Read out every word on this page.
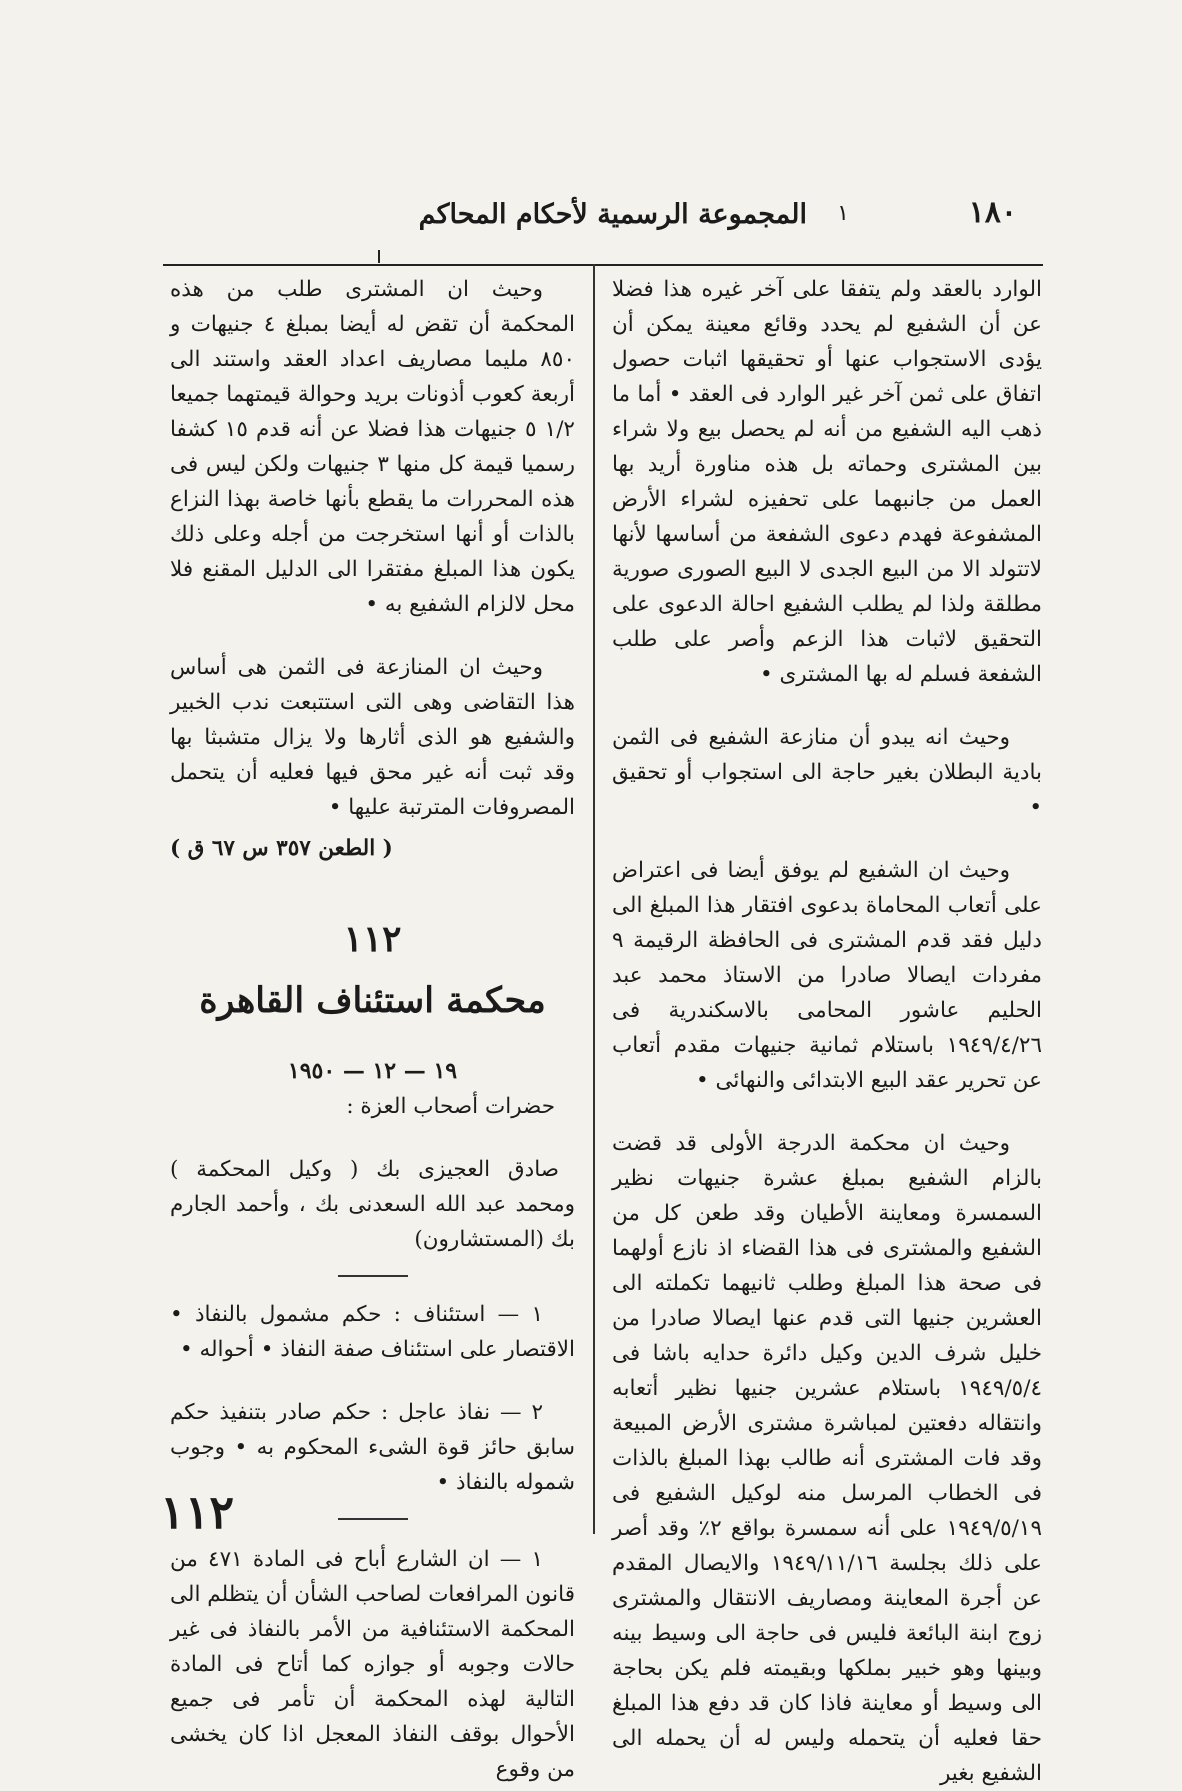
١٨٠
١
المجموعة الرسمية لأحكام المحاكم

الوارد بالعقد ولم يتفقا على آخر غيره هذا فضلا عن أن الشفيع لم يحدد وقائع معينة يمكن أن يؤدى الاستجواب عنها أو تحقيقها اثبات حصول اتفاق على ثمن آخر غير الوارد فى العقد • أما ما ذهب اليه الشفيع من أنه لم يحصل بيع ولا شراء بين المشترى وحماته بل هذه مناورة أريد بها العمل من جانبهما على تحفيزه لشراء الأرض المشفوعة فهدم دعوى الشفعة من أساسها لأنها لاتتولد الا من البيع الجدى لا البيع الصورى صورية مطلقة ولذا لم يطلب الشفيع احالة الدعوى على التحقيق لاثبات هذا الزعم وأصر على طلب الشفعة فسلم له بها المشترى •

وحيث انه يبدو أن منازعة الشفيع فى الثمن بادية البطلان بغير حاجة الى استجواب أو تحقيق •

وحيث ان الشفيع لم يوفق أيضا فى اعتراض على أتعاب المحاماة بدعوى افتقار هذا المبلغ الى دليل فقد قدم المشترى فى الحافظة الرقيمة ٩ مفردات ايصالا صادرا من الاستاذ محمد عبد الحليم عاشور المحامى بالاسكندرية فى ١٩٤٩/٤/٢٦ باستلام ثمانية جنيهات مقدم أتعاب عن تحرير عقد البيع الابتدائى والنهائى •

وحيث ان محكمة الدرجة الأولى قد قضت بالزام الشفيع بمبلغ عشرة جنيهات نظير السمسرة ومعاينة الأطيان وقد طعن كل من الشفيع والمشترى فى هذا القضاء اذ نازع أولهما فى صحة هذا المبلغ وطلب ثانيهما تكملته الى العشرين جنيها التى قدم عنها ايصالا صادرا من خليل شرف الدين وكيل دائرة حدايه باشا فى ١٩٤٩/٥/٤ باستلام عشرين جنيها نظير أتعابه وانتقاله دفعتين لمباشرة مشترى الأرض المبيعة وقد فات المشترى أنه طالب بهذا المبلغ بالذات فى الخطاب المرسل منه لوكيل الشفيع فى ١٩٤٩/٥/١٩ على أنه سمسرة بواقع ٢٪ وقد أصر على ذلك بجلسة ١٩٤٩/١١/١٦ والايصال المقدم عن أجرة المعاينة ومصاريف الانتقال والمشترى زوج ابنة البائعة فليس فى حاجة الى وسيط بينه وبينها وهو خبير بملكها وبقيمته فلم يكن بحاجة الى وسيط أو معاينة فاذا كان قد دفع هذا المبلغ حقا فعليه أن يتحمله وليس له أن يحمله الى الشفيع بغير

وحيث ان المشترى طلب من هذه المحكمة أن تقض له أيضا بمبلغ ٤ جنيهات و ٨٥٠ مليما مصاريف اعداد العقد واستند الى أربعة كعوب أذونات بريد وحوالة قيمتهما جميعا ١/٢ ٥ جنيهات هذا فضلا عن أنه قدم ١٥ كشفا رسميا قيمة كل منها ٣ جنيهات ولكن ليس فى هذه المحررات ما يقطع بأنها خاصة بهذا النزاع بالذات أو أنها استخرجت من أجله وعلى ذلك يكون هذا المبلغ مفتقرا الى الدليل المقنع فلا محل لالزام الشفيع به •

وحيث ان المنازعة فى الثمن هى أساس هذا التقاضى وهى التى استتبعت ندب الخبير والشفيع هو الذى أثارها ولا يزال متشبثا بها وقد ثبت أنه غير محق فيها فعليه أن يتحمل المصروفات المترتبة عليها •

( الطعن ٣٥٧ س ٦٧ ق )
١١٢
محكمة استئناف القاهرة
١٩ — ١٢ — ١٩٥٠

حضرات أصحاب العزة :

صادق العجيزى بك ( وكيل المحكمة ) ومحمد عبد الله السعدنى بك ، وأحمد الجارم بك (المستشارون)

١ — استئناف : حكم مشمول بالنفاذ • الاقتصار على استئناف صفة النفاذ • أحواله •

٢ — نفاذ عاجل : حكم صادر بتنفيذ حكم سابق حائز قوة الشىء المحكوم به • وجوب شموله بالنفاذ •

١ — ان الشارع أباح فى المادة ٤٧١ من قانون المرافعات لصاحب الشأن أن يتظلم الى المحكمة الاستئنافية من الأمر بالنفاذ فى غير حالات وجوبه أو جوازه كما أتاح فى المادة التالية لهذه المحكمة أن تأمر فى جميع الأحوال بوقف النفاذ المعجل اذا كان يخشى من وقوع

١١٢
